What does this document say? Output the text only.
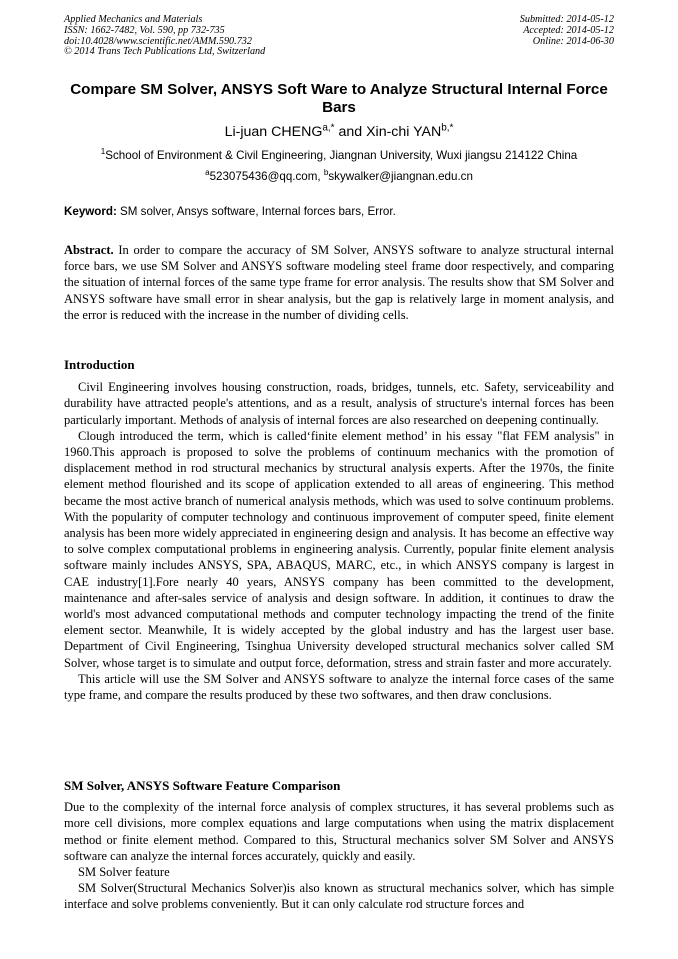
Applied Mechanics and Materials
ISSN: 1662-7482, Vol. 590, pp 732-735
doi:10.4028/www.scientific.net/AMM.590.732
© 2014 Trans Tech Publications Ltd, Switzerland
Submitted: 2014-05-12
Accepted: 2014-05-12
Online: 2014-06-30
Compare SM Solver, ANSYS Soft Ware to Analyze Structural Internal Force Bars
Li-juan $CHENG^{a,*}$ and Xin-chi $YAN^{b,*}$
$^1$School of Environment & Civil Engineering, Jiangnan University, Wuxi jiangsu 214122 China
$^a$523075436@qq.com, $^b$skywalker@jiangnan.edu.cn
Keyword: SM solver, Ansys software, Internal forces bars, Error.

Abstract. In order to compare the accuracy of SM Solver, ANSYS software to analyze structural internal force bars, we use SM Solver and ANSYS software modeling steel frame door respectively, and comparing the situation of internal forces of the same type frame for error analysis. The results show that SM Solver and ANSYS software have small error in shear analysis, but the gap is relatively large in moment analysis, and the error is reduced with the increase in the number of dividing cells.

Introduction

Civil Engineering involves housing construction, roads, bridges, tunnels, etc. Safety, serviceability and durability have attracted people's attentions, and as a result, analysis of structure's internal forces has been particularly important. Methods of analysis of internal forces are also researched on deepening continually.

Clough introduced the term, which is called‘finite element method’ in his essay "flat FEM analysis" in 1960.This approach is proposed to solve the problems of continuum mechanics with the promotion of displacement method in rod structural mechanics by structural analysis experts. After the 1970s, the finite element method flourished and its scope of application extended to all areas of engineering. This method became the most active branch of numerical analysis methods, which was used to solve continuum problems. With the popularity of computer technology and continuous improvement of computer speed, finite element analysis has been more widely appreciated in engineering design and analysis. It has become an effective way to solve complex computational problems in engineering analysis. Currently, popular finite element analysis software mainly includes ANSYS, SPA, ABAQUS, MARC, etc., in which ANSYS company is largest in CAE industry[1].Fore nearly 40 years, ANSYS company has been committed to the development, maintenance and after-sales service of analysis and design software. In addition, it continues to draw the world's most advanced computational methods and computer technology impacting the trend of the finite element sector. Meanwhile, It is widely accepted by the global industry and has the largest user base. Department of Civil Engineering, Tsinghua University developed structural mechanics solver called SM Solver, whose target is to simulate and output force, deformation, stress and strain faster and more accurately.

This article will use the SM Solver and ANSYS software to analyze the internal force cases of the same type frame, and compare the results produced by these two softwares, and then draw conclusions.

SM Solver, ANSYS Software Feature Comparison

Due to the complexity of the internal force analysis of complex structures, it has several problems such as more cell divisions, more complex equations and large computations when using the matrix displacement method or finite element method. Compared to this, Structural mechanics solver SM Solver and ANSYS software can analyze the internal forces accurately, quickly and easily.

SM Solver feature

SM Solver(Structural Mechanics Solver)is also known as structural mechanics solver, which has simple interface and solve problems conveniently. But it can only calculate rod structure forces and
